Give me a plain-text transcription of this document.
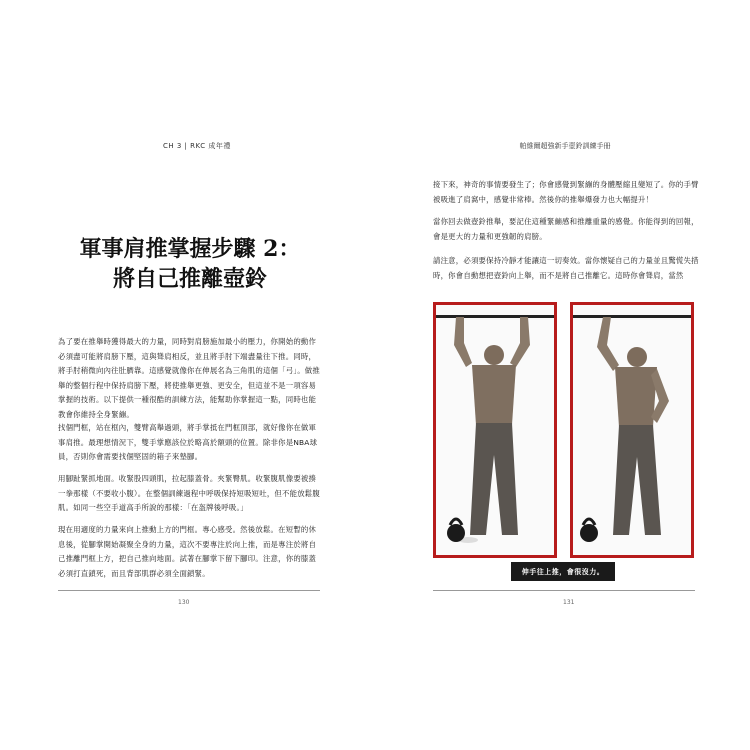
CH 3 | RKC 成年禮
軍事肩推掌握步驟 2：
將自己推離壺鈴
為了要在推舉時獲得最大的力量，同時對肩膀施加最小的壓力，你開始的動作必須盡可能將肩膀下壓，這與聳肩相反，並且將手肘下端盡量往下推。同時，將手肘稍微向內往肚臍靠。這感覺就像你在伸展名為三角肌的這個「弓」。做推舉的整個行程中保持肩膀下壓，將使推舉更強、更安全，但這並不是一項容易掌握的技術。以下提供一種很酷的訓練方法，能幫助你掌握這一點，同時也能教會你維持全身緊繃。
找個門框，站在框內，雙臂高舉過頭，將手掌抵在門框頂部，就好像你在做軍事肩推。最理想情況下，雙手掌應該位於略高於額頭的位置。除非你是NBA球員，否則你會需要找個堅固的箱子來墊腳。
用腳趾緊抓地面。收緊股四頭肌，拉起膝蓋骨。夾緊臀肌。收緊腹肌像要被揍一拳那樣（不要收小腹）。在整個訓練過程中呼吸保持短吸短吐，但不能放鬆腹肌。如同一些空手道高手所說的那樣：「在盔牌後呼吸。」
現在用適度的力量來向上推動上方的門框。專心感受。然後放鬆。在短暫的休息後，從腳掌開始凝聚全身的力量，這次不要專注於向上推，而是專注於將自己推離門框上方，把自己推向地面。試著在腳掌下留下腳印。注意，你的膝蓋必須打直鎖死，而且背部肌群必須全面鎖緊。
130
帕維爾超強新手壺鈴訓練手冊
接下來，神奇的事情要發生了；你會感覺到緊繃的身體壓縮且變短了。你的手臂被吸進了肩窩中，感覺非常棒。然後你的推舉爆發力也大幅提升！
當你回去做壺鈴推舉，要記住這種緊繃感和推離重量的感覺。你能得到的回報，會是更大的力量和更強韌的肩膀。
請注意，必須要保持冷靜才能讓這一切奏效。當你懷疑自己的力量並且驚慌失措時，你會自動想把壺鈴向上舉，而不是將自己推離它。這時你會聳肩，當然
伸手往上推，會很沒力。
131
